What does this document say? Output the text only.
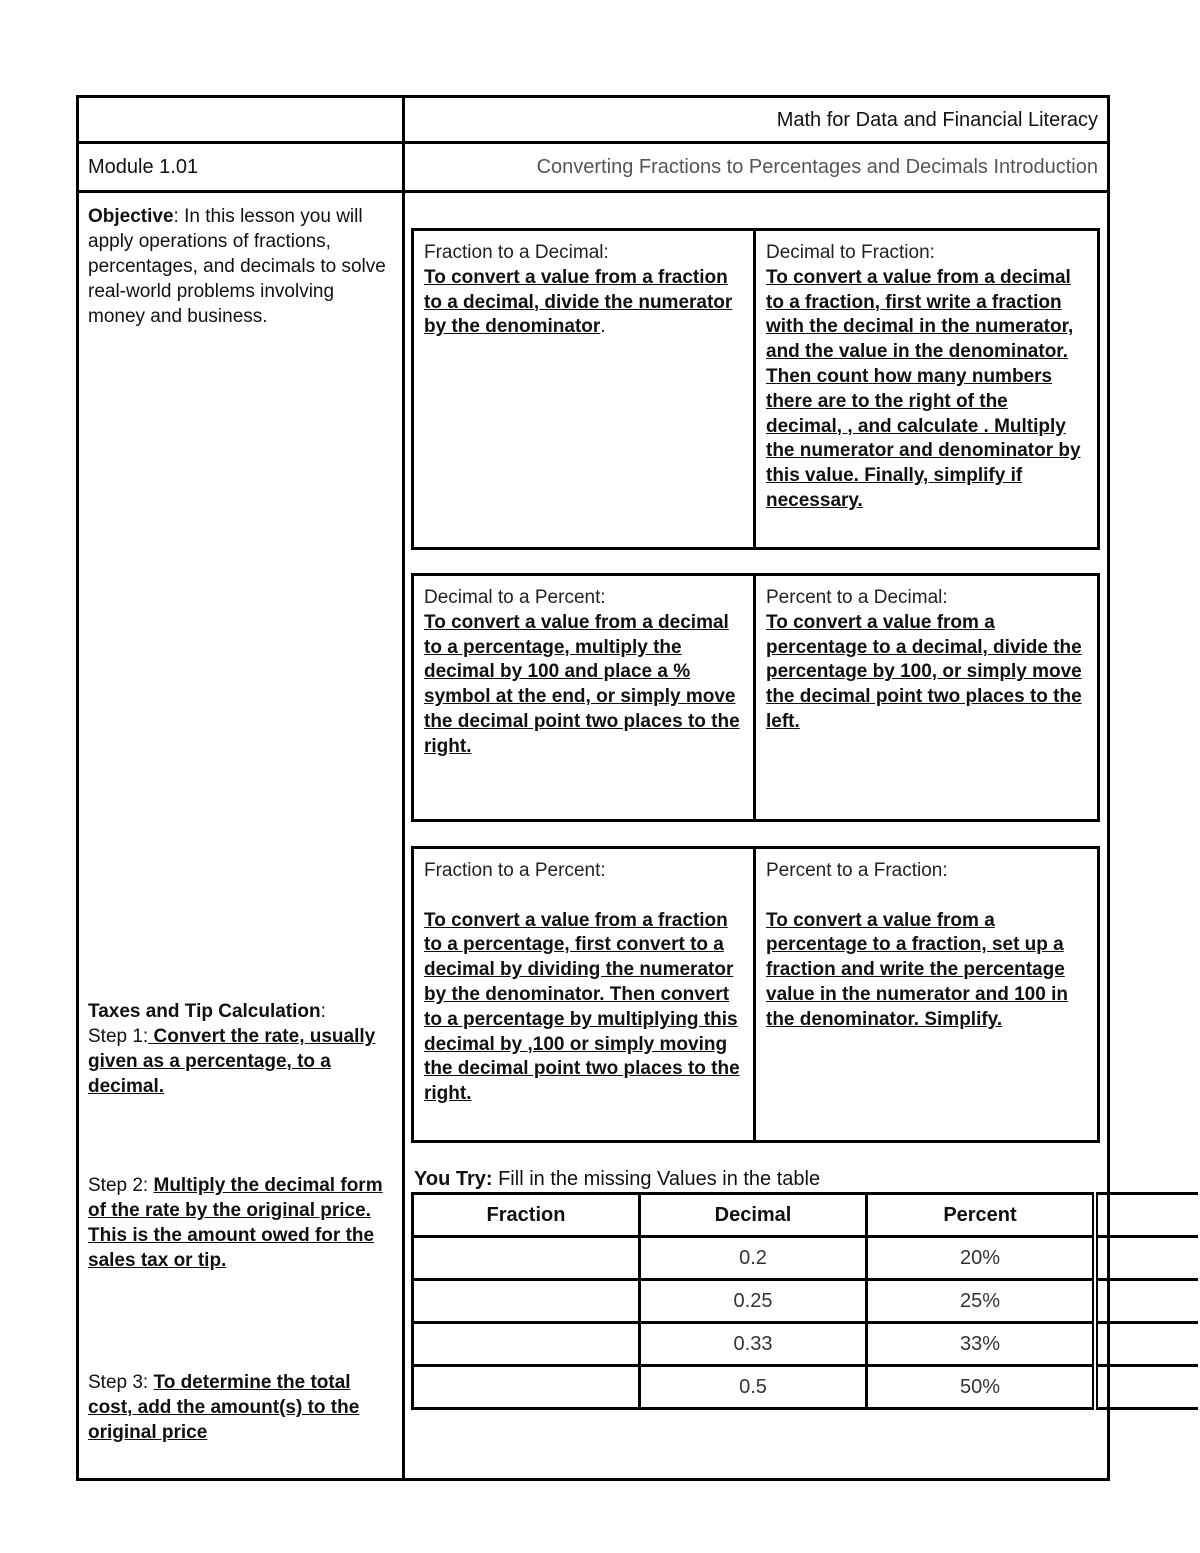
Math for Data and Financial Literacy
Module 1.01	Converting Fractions to Percentages and Decimals Introduction
Objective: In this lesson you will apply operations of fractions, percentages, and decimals to solve real-world problems involving money and business.
Taxes and Tip Calculation:
Step 1: Convert the rate, usually given as a percentage, to a decimal.
Step 2: Multiply the decimal form of the rate by the original price. This is the amount owed for the sales tax or tip.
Step 3: To determine the total cost, add the amount(s) to the original price
Fraction to a Decimal:
To convert a value from a fraction to a decimal, divide the numerator by the denominator.
Decimal to Fraction:
To convert a value from a decimal to a fraction, first write a fraction with the decimal in the numerator, and the value in the denominator. Then count how many numbers there are to the right of the decimal, , and calculate . Multiply the numerator and denominator by this value. Finally, simplify if necessary.
Decimal to a Percent:
To convert a value from a decimal to a percentage, multiply the decimal by 100 and place a % symbol at the end, or simply move the decimal point two places to the right.
Percent to a Decimal:
To convert a value from a percentage to a decimal, divide the percentage by 100, or simply move the decimal point two places to the left.
Fraction to a Percent:

To convert a value from a fraction to a percentage, first convert to a decimal by dividing the numerator by the denominator. Then convert to a percentage by multiplying this decimal by ,100 or simply moving the decimal point two places to the right.
Percent to a Fraction:

To convert a value from a percentage to a fraction, set up a fraction and write the percentage value in the numerator and 100 in the denominator. Simplify.
You Try: Fill in the missing Values in the table
Fraction	Decimal	Percent	
	0.2	20%	
	0.25	25%	
	0.33	33%	
	0.5	50%	
